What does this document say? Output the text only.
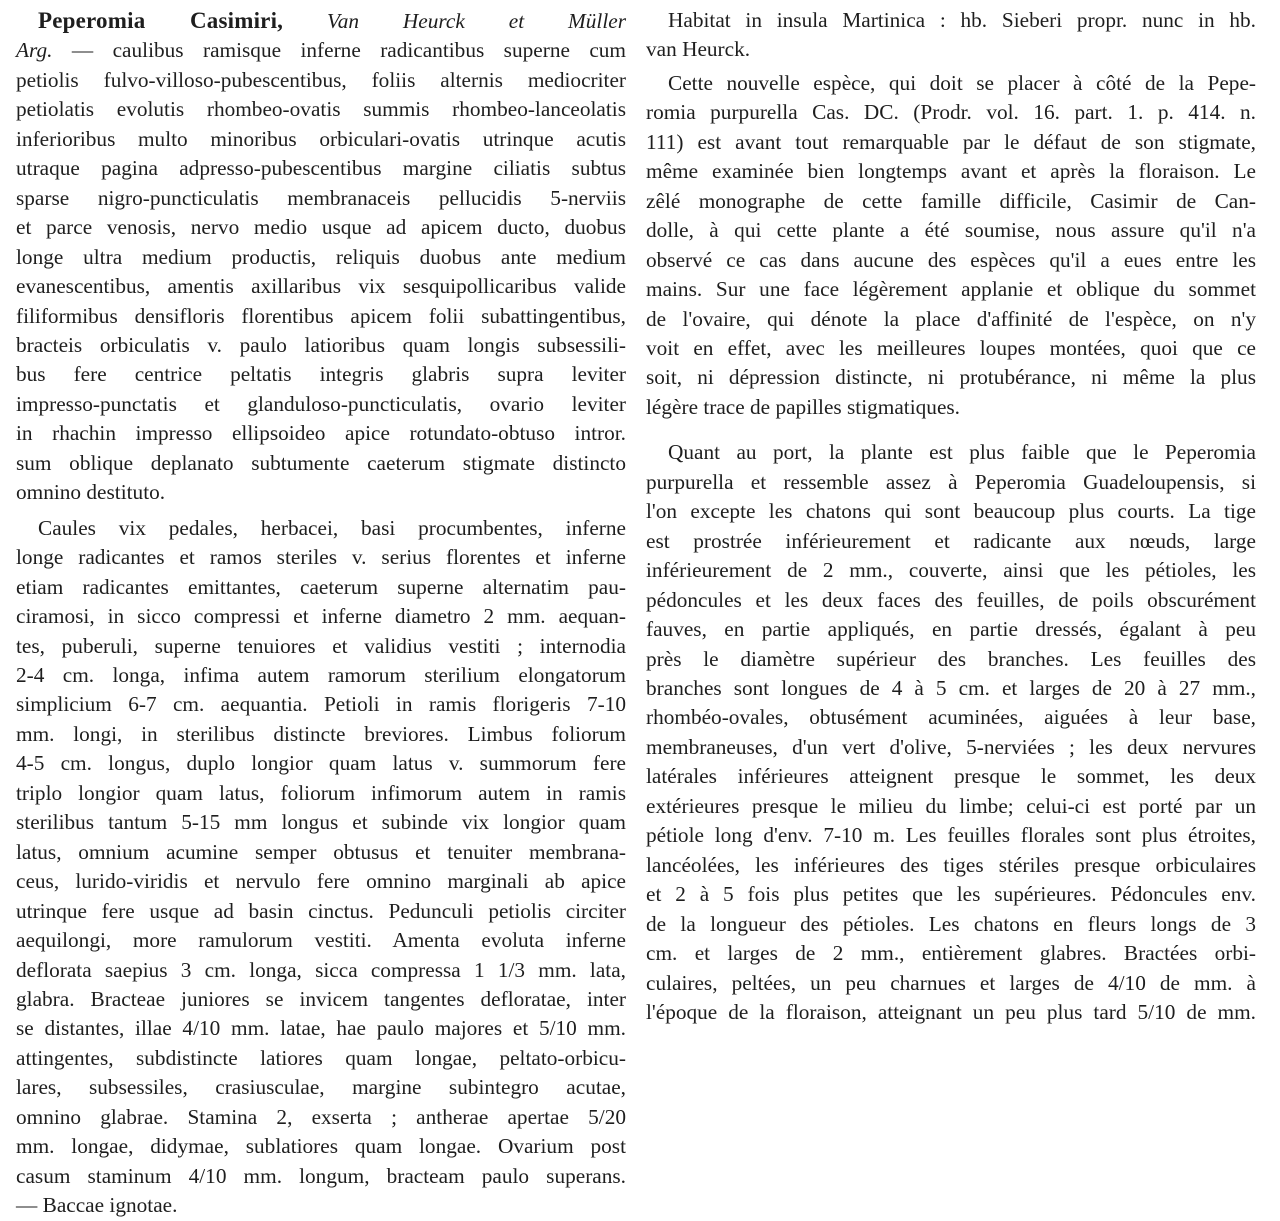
Peperomia Casimiri, Van Heurck et Müller
Arg. — caulibus ramisque inferne radicantibus superne cum
petiolis fulvo-villoso-pubescentibus, foliis alternis mediocriter
petiolatis evolutis rhombeo-ovatis summis rhombeo-lanceolatis
inferioribus multo minoribus orbiculari-ovatis utrinque acutis
utraque pagina adpresso-pubescentibus margine ciliatis subtus
sparse nigro-puncticulatis membranaceis pellucidis 5-nerviis
et parce venosis, nervo medio usque ad apicem ducto, duobus
longe ultra medium productis, reliquis duobus ante medium
evanescentibus, amentis axillaribus vix sesquipollicaribus valide
filiformibus densifloris florentibus apicem folii subattingentibus,
bracteis orbiculatis v. paulo latioribus quam longis subsessili-
bus fere centrice peltatis integris glabris supra leviter
impresso-punctatis et glanduloso-puncticulatis, ovario leviter
in rhachin impresso ellipsoideo apice rotundato-obtuso intror.
sum oblique deplanato subtumente caeterum stigmate distincto
omnino destituto.
Caules vix pedales, herbacei, basi procumbentes, inferne
longe radicantes et ramos steriles v. serius florentes et inferne
etiam radicantes emittantes, caeterum superne alternatim pau-
ciramosi, in sicco compressi et inferne diametro 2 mm. aequan-
tes, puberuli, superne tenuiores et validius vestiti ; internodia
2-4 cm. longa, infima autem ramorum sterilium elongatorum
simplicium 6-7 cm. aequantia. Petioli in ramis florigeris 7-10
mm. longi, in sterilibus distincte breviores. Limbus foliorum
4-5 cm. longus, duplo longior quam latus v. summorum fere
triplo longior quam latus, foliorum infimorum autem in ramis
sterilibus tantum 5-15 mm longus et subinde vix longior quam
latus, omnium acumine semper obtusus et tenuiter membrana-
ceus, lurido-viridis et nervulo fere omnino marginali ab apice
utrinque fere usque ad basin cinctus. Pedunculi petiolis circiter
aequilongi, more ramulorum vestiti. Amenta evoluta inferne
deflorata saepius 3 cm. longa, sicca compressa 1 1/3 mm. lata,
glabra. Bracteae juniores se invicem tangentes defloratae, inter
se distantes, illae 4/10 mm. latae, hae paulo majores et 5/10 mm.
attingentes, subdistincte latiores quam longae, peltato-orbicu-
lares, subsessiles, crasiusculae, margine subintegro acutae,
omnino glabrae. Stamina 2, exserta ; antherae apertae 5/20
mm. longae, didymae, sublatiores quam longae. Ovarium post
casum staminum 4/10 mm. longum, bracteam paulo superans.
— Baccae ignotae.
Habitat in insula Martinica : hb. Sieberi propr. nunc in hb.
van Heurck.
Cette nouvelle espèce, qui doit se placer à côté de la Pepe-
romia purpurella Cas. DC. (Prodr. vol. 16. part. 1. p. 414. n.
111) est avant tout remarquable par le défaut de son stigmate,
même examinée bien longtemps avant et après la floraison. Le
zêlé monographe de cette famille difficile, Casimir de Can-
dolle, à qui cette plante a été soumise, nous assure qu'il n'a
observé ce cas dans aucune des espèces qu'il a eues entre les
mains. Sur une face légèrement applanie et oblique du sommet
de l'ovaire, qui dénote la place d'affinité de l'espèce, on n'y
voit en effet, avec les meilleures loupes montées, quoi que ce
soit, ni dépression distincte, ni protubérance, ni même la plus
légère trace de papilles stigmatiques.
Quant au port, la plante est plus faible que le Peperomia
purpurella et ressemble assez à Peperomia Guadeloupensis, si
l'on excepte les chatons qui sont beaucoup plus courts. La tige
est prostrée inférieurement et radicante aux nœuds, large
inférieurement de 2 mm., couverte, ainsi que les pétioles, les
pédoncules et les deux faces des feuilles, de poils obscurément
fauves, en partie appliqués, en partie dressés, égalant à peu
près le diamètre supérieur des branches. Les feuilles des
branches sont longues de 4 à 5 cm. et larges de 20 à 27 mm.,
rhombéo-ovales, obtusément acuminées, aiguées à leur base,
membraneuses, d'un vert d'olive, 5-nerviées ; les deux nervures
latérales inférieures atteignent presque le sommet, les deux
extérieures presque le milieu du limbe; celui-ci est porté par un
pétiole long d'env. 7-10 m. Les feuilles florales sont plus étroites,
lancéolées, les inférieures des tiges stériles presque orbiculaires
et 2 à 5 fois plus petites que les supérieures. Pédoncules env.
de la longueur des pétioles. Les chatons en fleurs longs de 3
cm. et larges de 2 mm., entièrement glabres. Bractées orbi-
culaires, peltées, un peu charnues et larges de 4/10 de mm. à
l'époque de la floraison, atteignant un peu plus tard 5/10 de mm.
